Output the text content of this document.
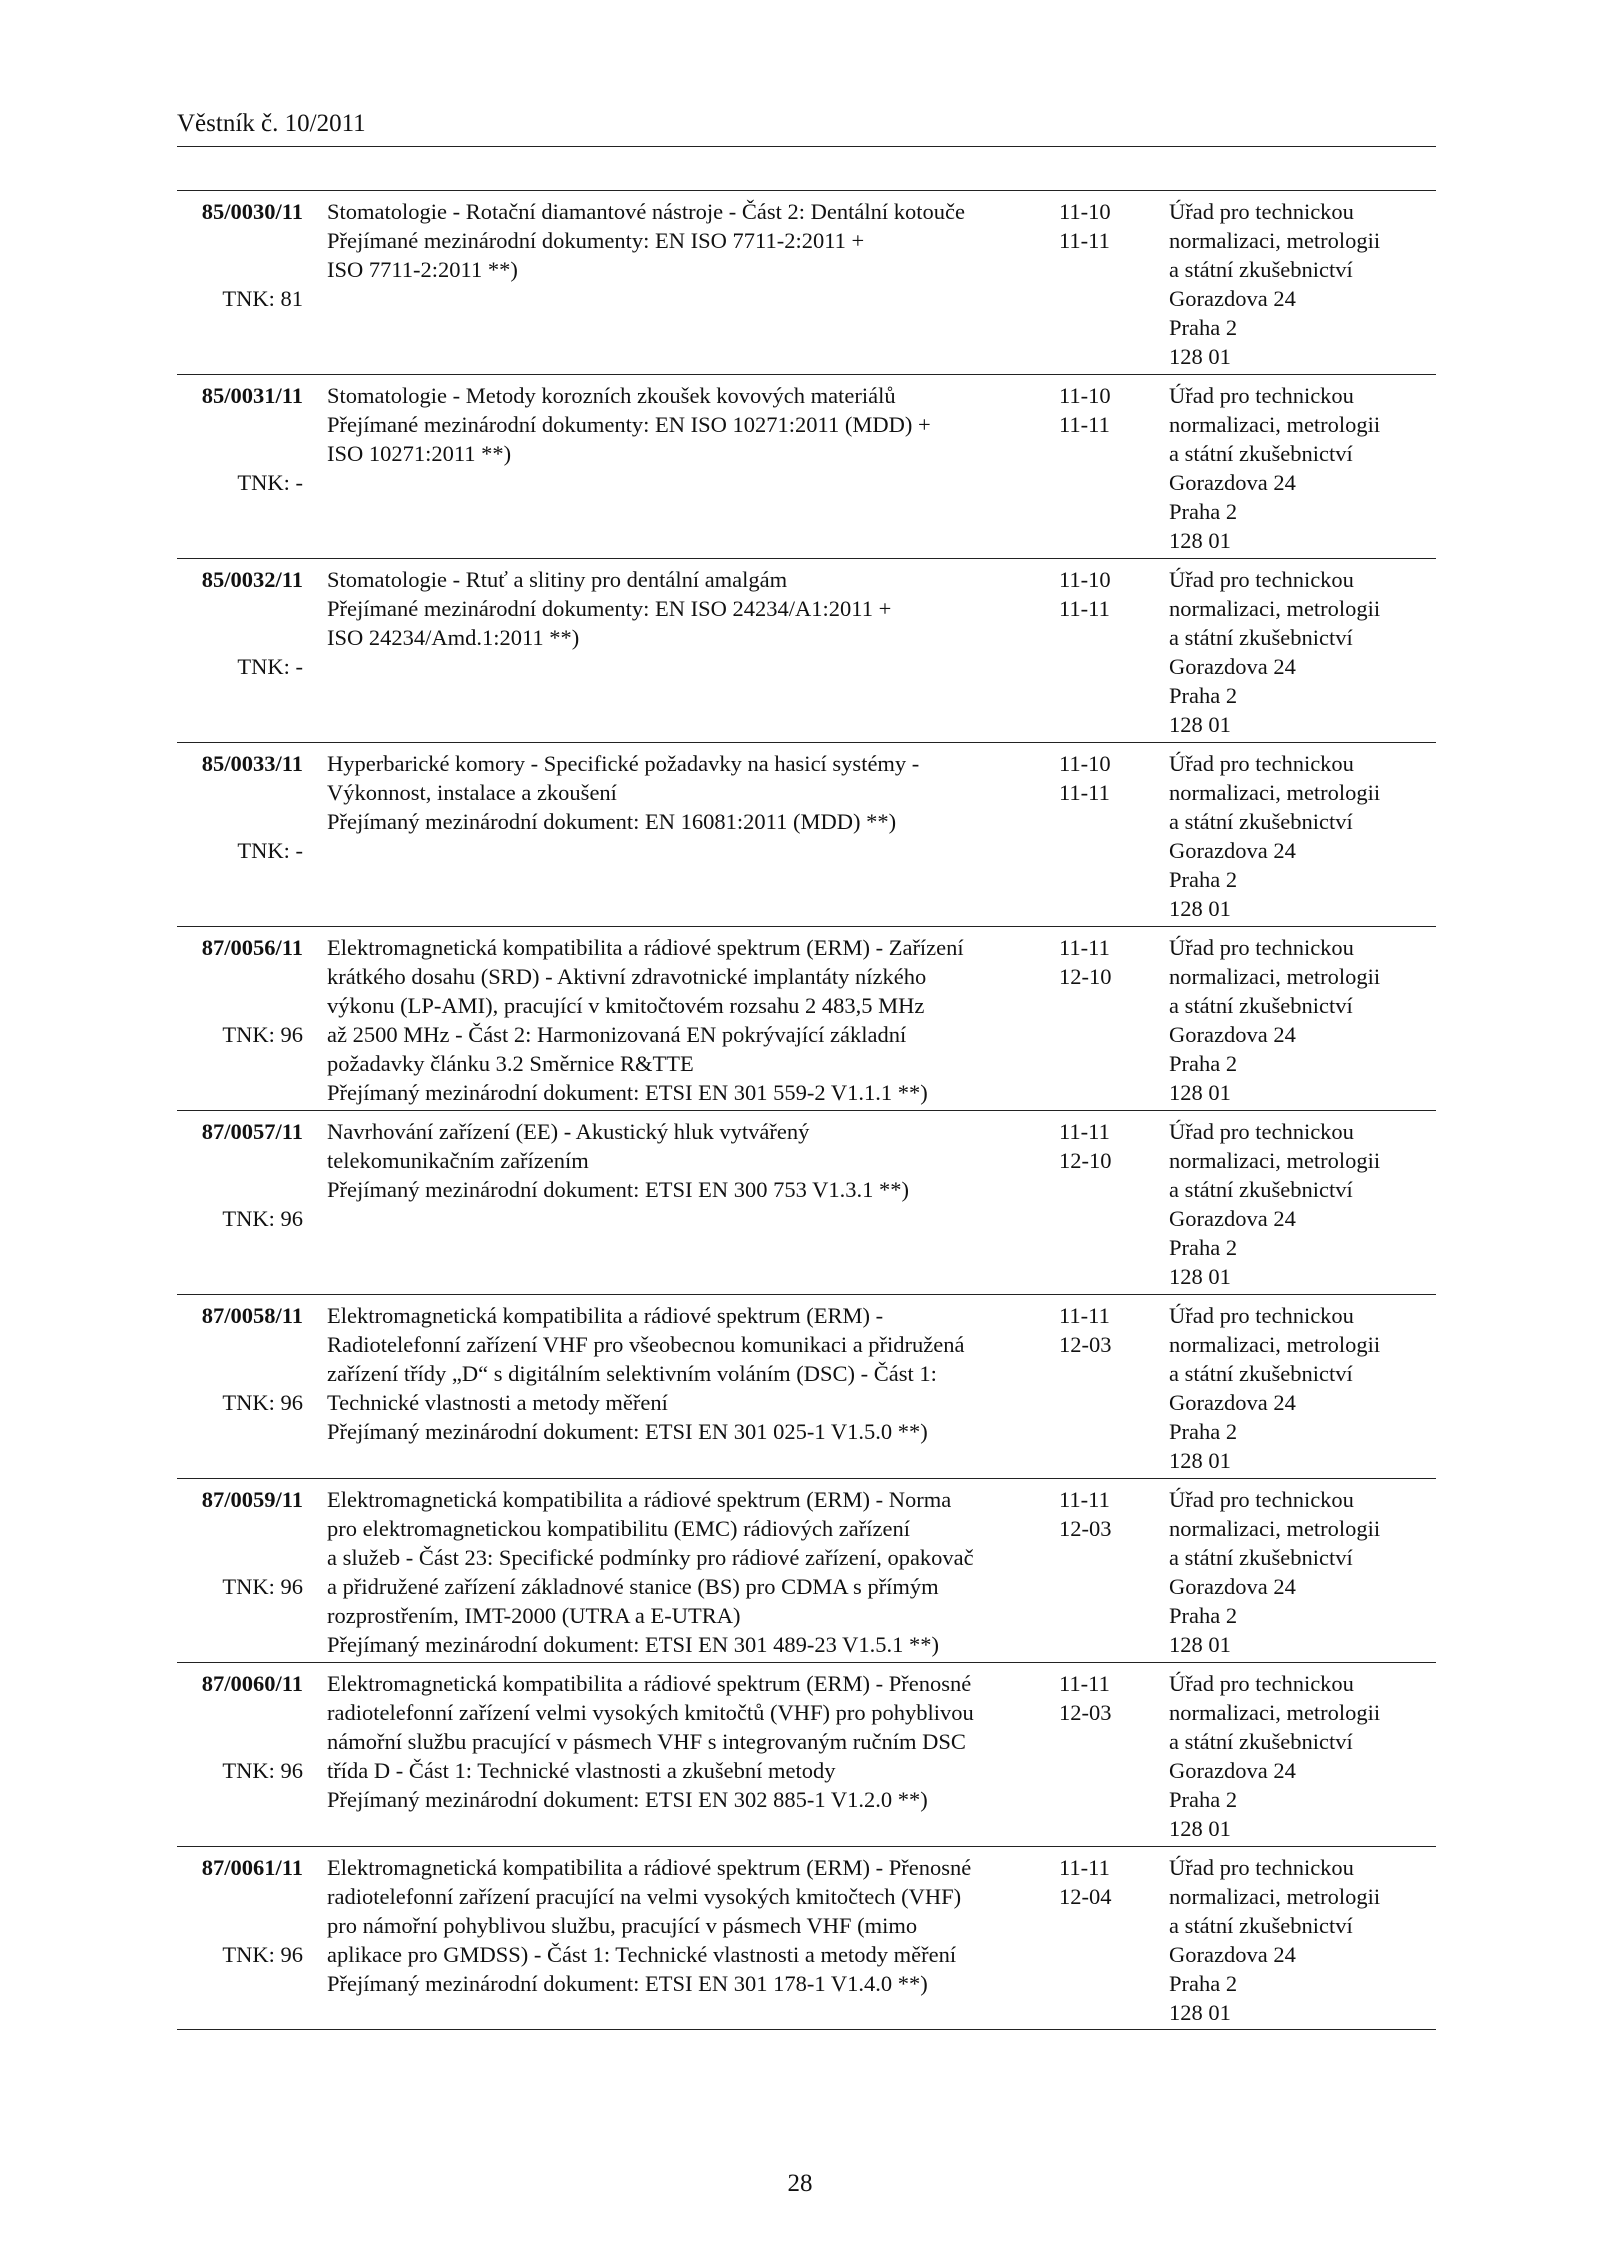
Věstník č. 10/2011
85/0030/11
TNK: 81
Stomatologie - Rotační diamantové nástroje - Část 2: Dentální kotouče
Přejímané mezinárodní dokumenty: EN ISO 7711-2:2011 +
ISO 7711-2:2011 **)
11-10
11-11
Úřad pro technickou
normalizaci, metrologii
a státní zkušebnictví
Gorazdova 24
Praha 2
128 01
85/0031/11
TNK: -
Stomatologie - Metody korozních zkoušek kovových materiálů
Přejímané mezinárodní dokumenty: EN ISO 10271:2011 (MDD) +
ISO 10271:2011 **)
11-10
11-11
Úřad pro technickou
normalizaci, metrologii
a státní zkušebnictví
Gorazdova 24
Praha 2
128 01
85/0032/11
TNK: -
Stomatologie - Rtuť a slitiny pro dentální amalgám
Přejímané mezinárodní dokumenty: EN ISO 24234/A1:2011 +
ISO 24234/Amd.1:2011 **)
11-10
11-11
Úřad pro technickou
normalizaci, metrologii
a státní zkušebnictví
Gorazdova 24
Praha 2
128 01
85/0033/11
TNK: -
Hyperbarické komory - Specifické požadavky na hasicí systémy -
Výkonnost, instalace a zkoušení
Přejímaný mezinárodní dokument: EN 16081:2011 (MDD) **)
11-10
11-11
Úřad pro technickou
normalizaci, metrologii
a státní zkušebnictví
Gorazdova 24
Praha 2
128 01
87/0056/11
TNK: 96
Elektromagnetická kompatibilita a rádiové spektrum (ERM) - Zařízení
krátkého dosahu (SRD) - Aktivní zdravotnické implantáty nízkého
výkonu (LP-AMI), pracující v kmitočtovém rozsahu 2 483,5 MHz
až 2500 MHz - Část 2: Harmonizovaná EN pokrývající základní
požadavky článku 3.2 Směrnice R&TTE
Přejímaný mezinárodní dokument: ETSI EN 301 559-2 V1.1.1 **)
11-11
12-10
Úřad pro technickou
normalizaci, metrologii
a státní zkušebnictví
Gorazdova 24
Praha 2
128 01
87/0057/11
TNK: 96
Navrhování zařízení (EE) - Akustický hluk vytvářený
telekomunikačním zařízením
Přejímaný mezinárodní dokument: ETSI EN 300 753 V1.3.1 **)
11-11
12-10
Úřad pro technickou
normalizaci, metrologii
a státní zkušebnictví
Gorazdova 24
Praha 2
128 01
87/0058/11
TNK: 96
Elektromagnetická kompatibilita a rádiové spektrum (ERM) -
Radiotelefonní zařízení VHF pro všeobecnou komunikaci a přidružená
zařízení třídy „D“ s digitálním selektivním voláním (DSC) - Část 1:
Technické vlastnosti a metody měření
Přejímaný mezinárodní dokument: ETSI EN 301 025-1 V1.5.0 **)
11-11
12-03
Úřad pro technickou
normalizaci, metrologii
a státní zkušebnictví
Gorazdova 24
Praha 2
128 01
87/0059/11
TNK: 96
Elektromagnetická kompatibilita a rádiové spektrum (ERM) - Norma
pro elektromagnetickou kompatibilitu (EMC) rádiových zařízení
a služeb - Část 23: Specifické podmínky pro rádiové zařízení, opakovač
a přidružené zařízení základnové stanice (BS) pro CDMA s přímým
rozprostřením, IMT-2000 (UTRA a E-UTRA)
Přejímaný mezinárodní dokument: ETSI EN 301 489-23 V1.5.1 **)
11-11
12-03
Úřad pro technickou
normalizaci, metrologii
a státní zkušebnictví
Gorazdova 24
Praha 2
128 01
87/0060/11
TNK: 96
Elektromagnetická kompatibilita a rádiové spektrum (ERM) - Přenosné
radiotelefonní zařízení velmi vysokých kmitočtů (VHF) pro pohyblivou
námořní službu pracující v pásmech VHF s integrovaným ručním DSC
třída D - Část 1: Technické vlastnosti a zkušební metody
Přejímaný mezinárodní dokument: ETSI EN 302 885-1 V1.2.0 **)
11-11
12-03
Úřad pro technickou
normalizaci, metrologii
a státní zkušebnictví
Gorazdova 24
Praha 2
128 01
87/0061/11
TNK: 96
Elektromagnetická kompatibilita a rádiové spektrum (ERM) - Přenosné
radiotelefonní zařízení pracující na velmi vysokých kmitočtech (VHF)
pro námořní pohyblivou službu, pracující v pásmech VHF (mimo
aplikace pro GMDSS) - Část 1: Technické vlastnosti a metody měření
Přejímaný mezinárodní dokument: ETSI EN 301 178-1 V1.4.0 **)
11-11
12-04
Úřad pro technickou
normalizaci, metrologii
a státní zkušebnictví
Gorazdova 24
Praha 2
128 01
28
